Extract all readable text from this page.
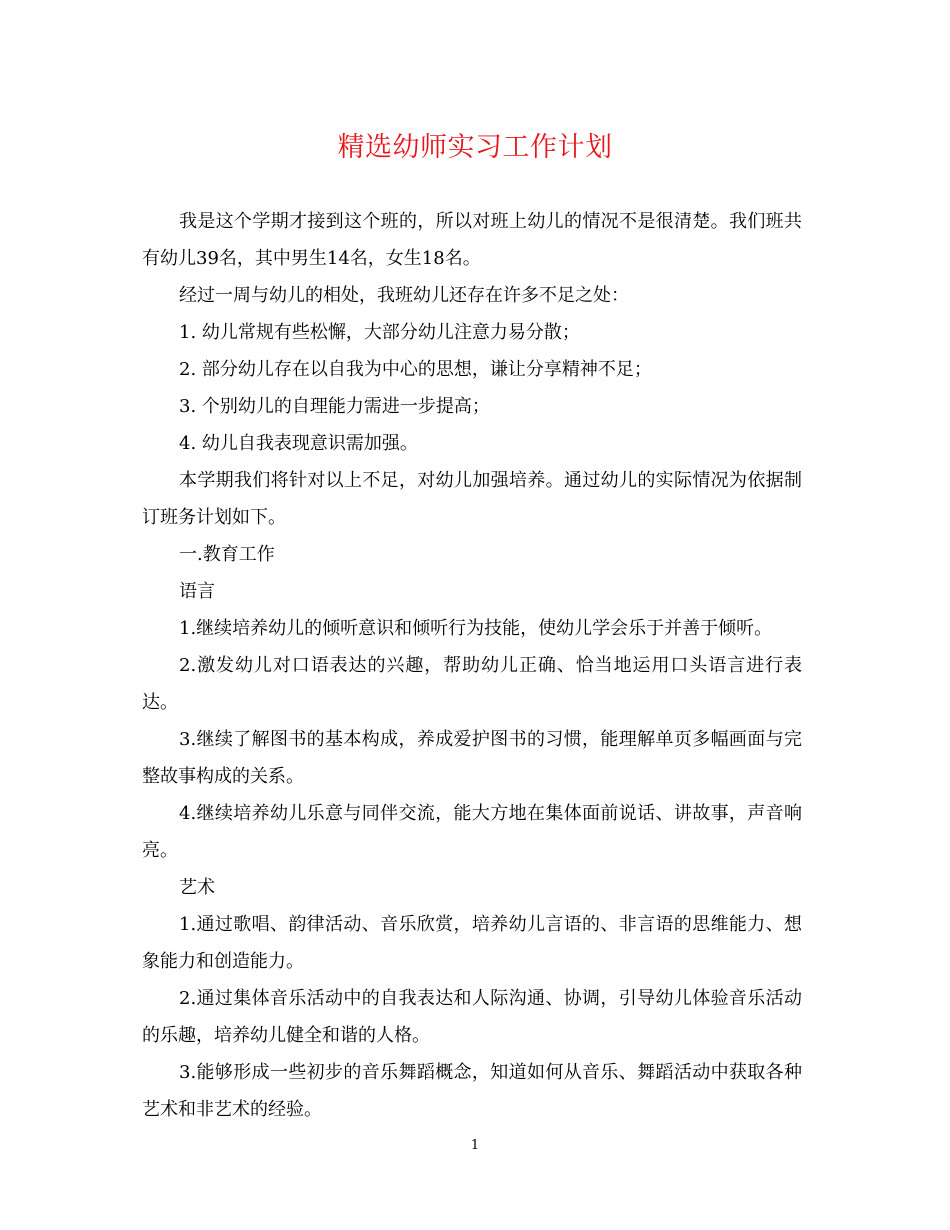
精选幼师实习工作计划

我是这个学期才接到这个班的，所以对班上幼儿的情况不是很清楚。我们班共有幼儿39名，其中男生14名，女生18名。

经过一周与幼儿的相处，我班幼儿还存在许多不足之处：

1. 幼儿常规有些松懈，大部分幼儿注意力易分散；

2. 部分幼儿存在以自我为中心的思想，谦让分享精神不足；

3. 个别幼儿的自理能力需进一步提高；

4. 幼儿自我表现意识需加强。

本学期我们将针对以上不足，对幼儿加强培养。通过幼儿的实际情况为依据制订班务计划如下。

一.教育工作

语言

1.继续培养幼儿的倾听意识和倾听行为技能，使幼儿学会乐于并善于倾听。

2.激发幼儿对口语表达的兴趣，帮助幼儿正确、恰当地运用口头语言进行表达。

3.继续了解图书的基本构成，养成爱护图书的习惯，能理解单页多幅画面与完整故事构成的关系。

4.继续培养幼儿乐意与同伴交流，能大方地在集体面前说话、讲故事，声音响亮。

艺术

1.通过歌唱、韵律活动、音乐欣赏，培养幼儿言语的、非言语的思维能力、想象能力和创造能力。

2.通过集体音乐活动中的自我表达和人际沟通、协调，引导幼儿体验音乐活动的乐趣，培养幼儿健全和谐的人格。

3.能够形成一些初步的音乐舞蹈概念，知道如何从音乐、舞蹈活动中获取各种艺术和非艺术的经验。

1
